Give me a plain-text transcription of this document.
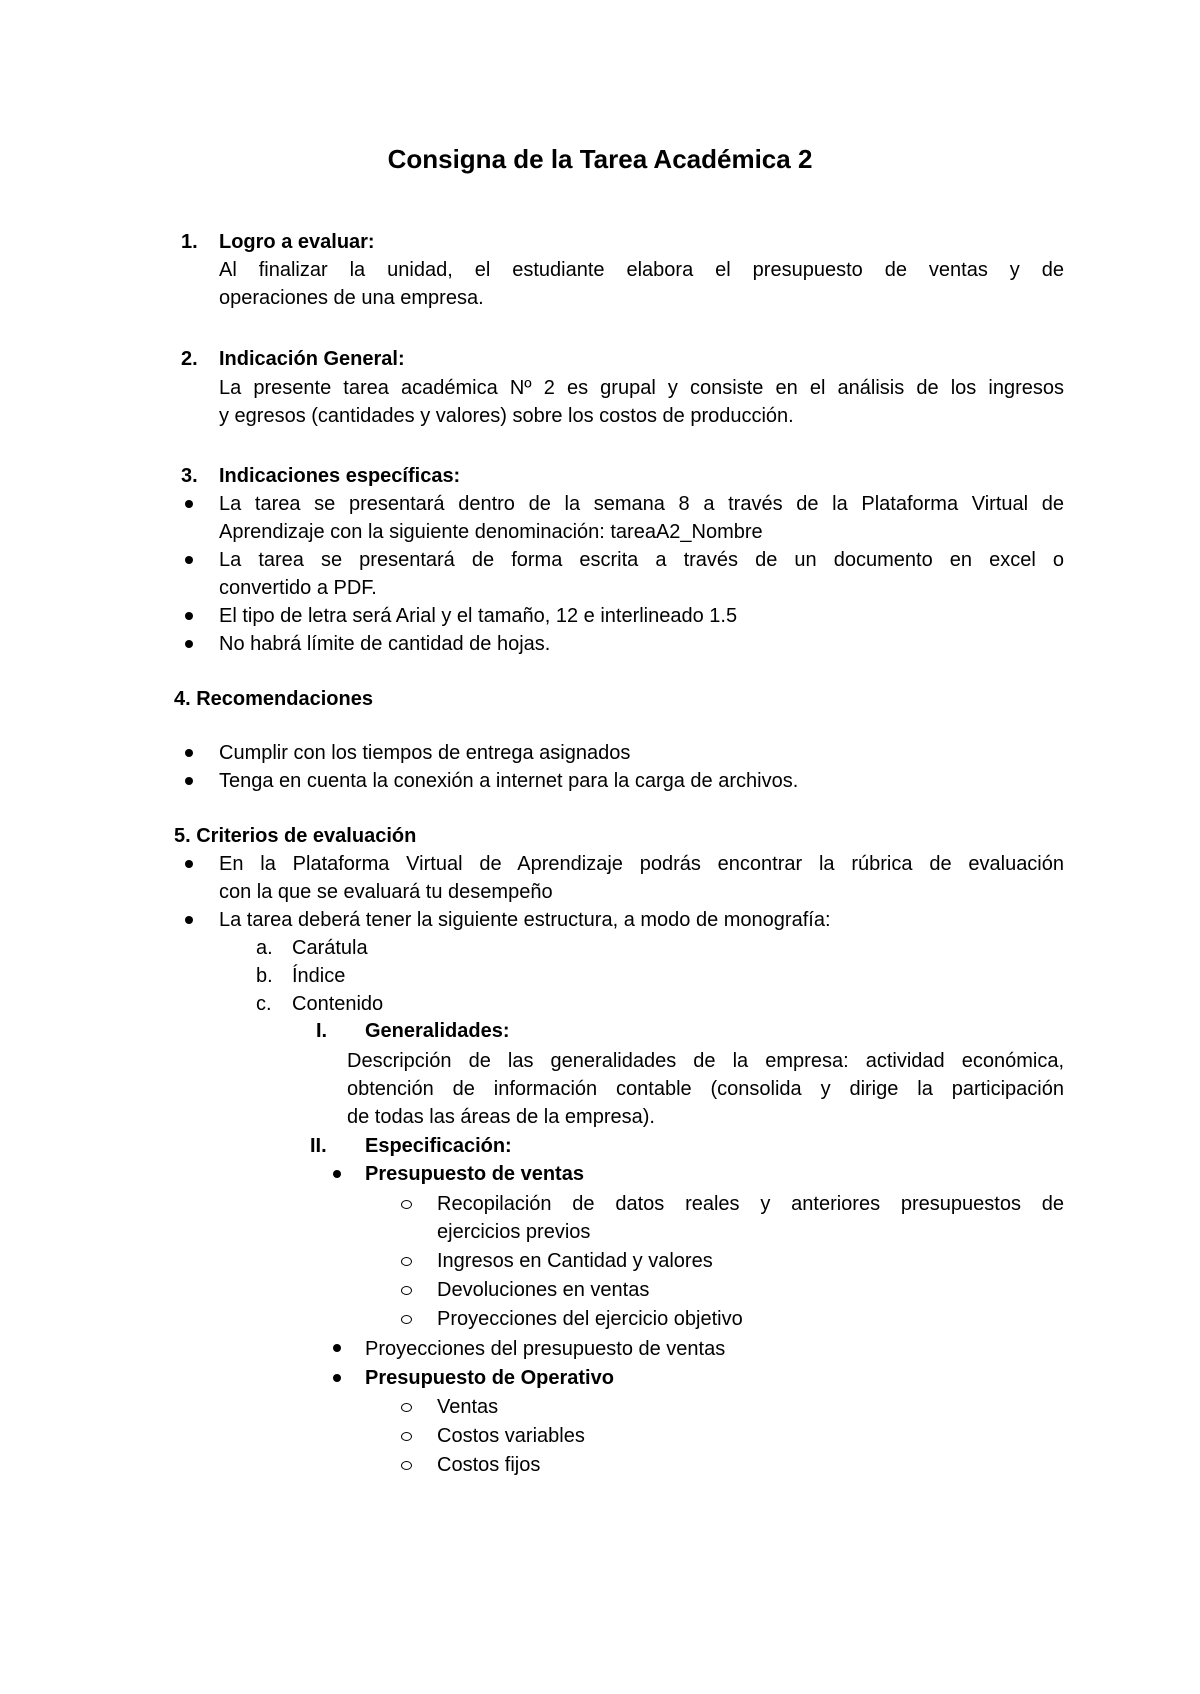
Consigna de la Tarea Académica 2
1. Logro a evaluar:
Al finalizar la unidad, el estudiante elabora el presupuesto de ventas y de
operaciones de una empresa.
2. Indicación General:
La presente tarea académica Nº 2 es grupal y consiste en el análisis de los ingresos
y egresos (cantidades y valores) sobre los costos de producción.
3. Indicaciones específicas:
La tarea se presentará dentro de la semana 8 a través de la Plataforma Virtual de
Aprendizaje con la siguiente denominación: tareaA2_Nombre
La tarea se presentará de forma escrita a través de un documento en excel o
convertido a PDF.
El tipo de letra será Arial y el tamaño, 12 e interlineado 1.5
No habrá límite de cantidad de hojas.
4. Recomendaciones
Cumplir con los tiempos de entrega asignados
Tenga en cuenta la conexión a internet para la carga de archivos.
5. Criterios de evaluación
En la Plataforma Virtual de Aprendizaje podrás encontrar la rúbrica de evaluación
con la que se evaluará tu desempeño
La tarea deberá tener la siguiente estructura, a modo de monografía:
a. Carátula
b. Índice
c. Contenido
I. Generalidades:
Descripción de las generalidades de la empresa: actividad económica,
obtención de información contable (consolida y dirige la participación
de todas las áreas de la empresa).
II. Especificación:
Presupuesto de ventas
Recopilación de datos reales y anteriores presupuestos de
ejercicios previos
Ingresos en Cantidad y valores
Devoluciones en ventas
Proyecciones del ejercicio objetivo
Proyecciones del presupuesto de ventas
Presupuesto de Operativo
Ventas
Costos variables
Costos fijos
